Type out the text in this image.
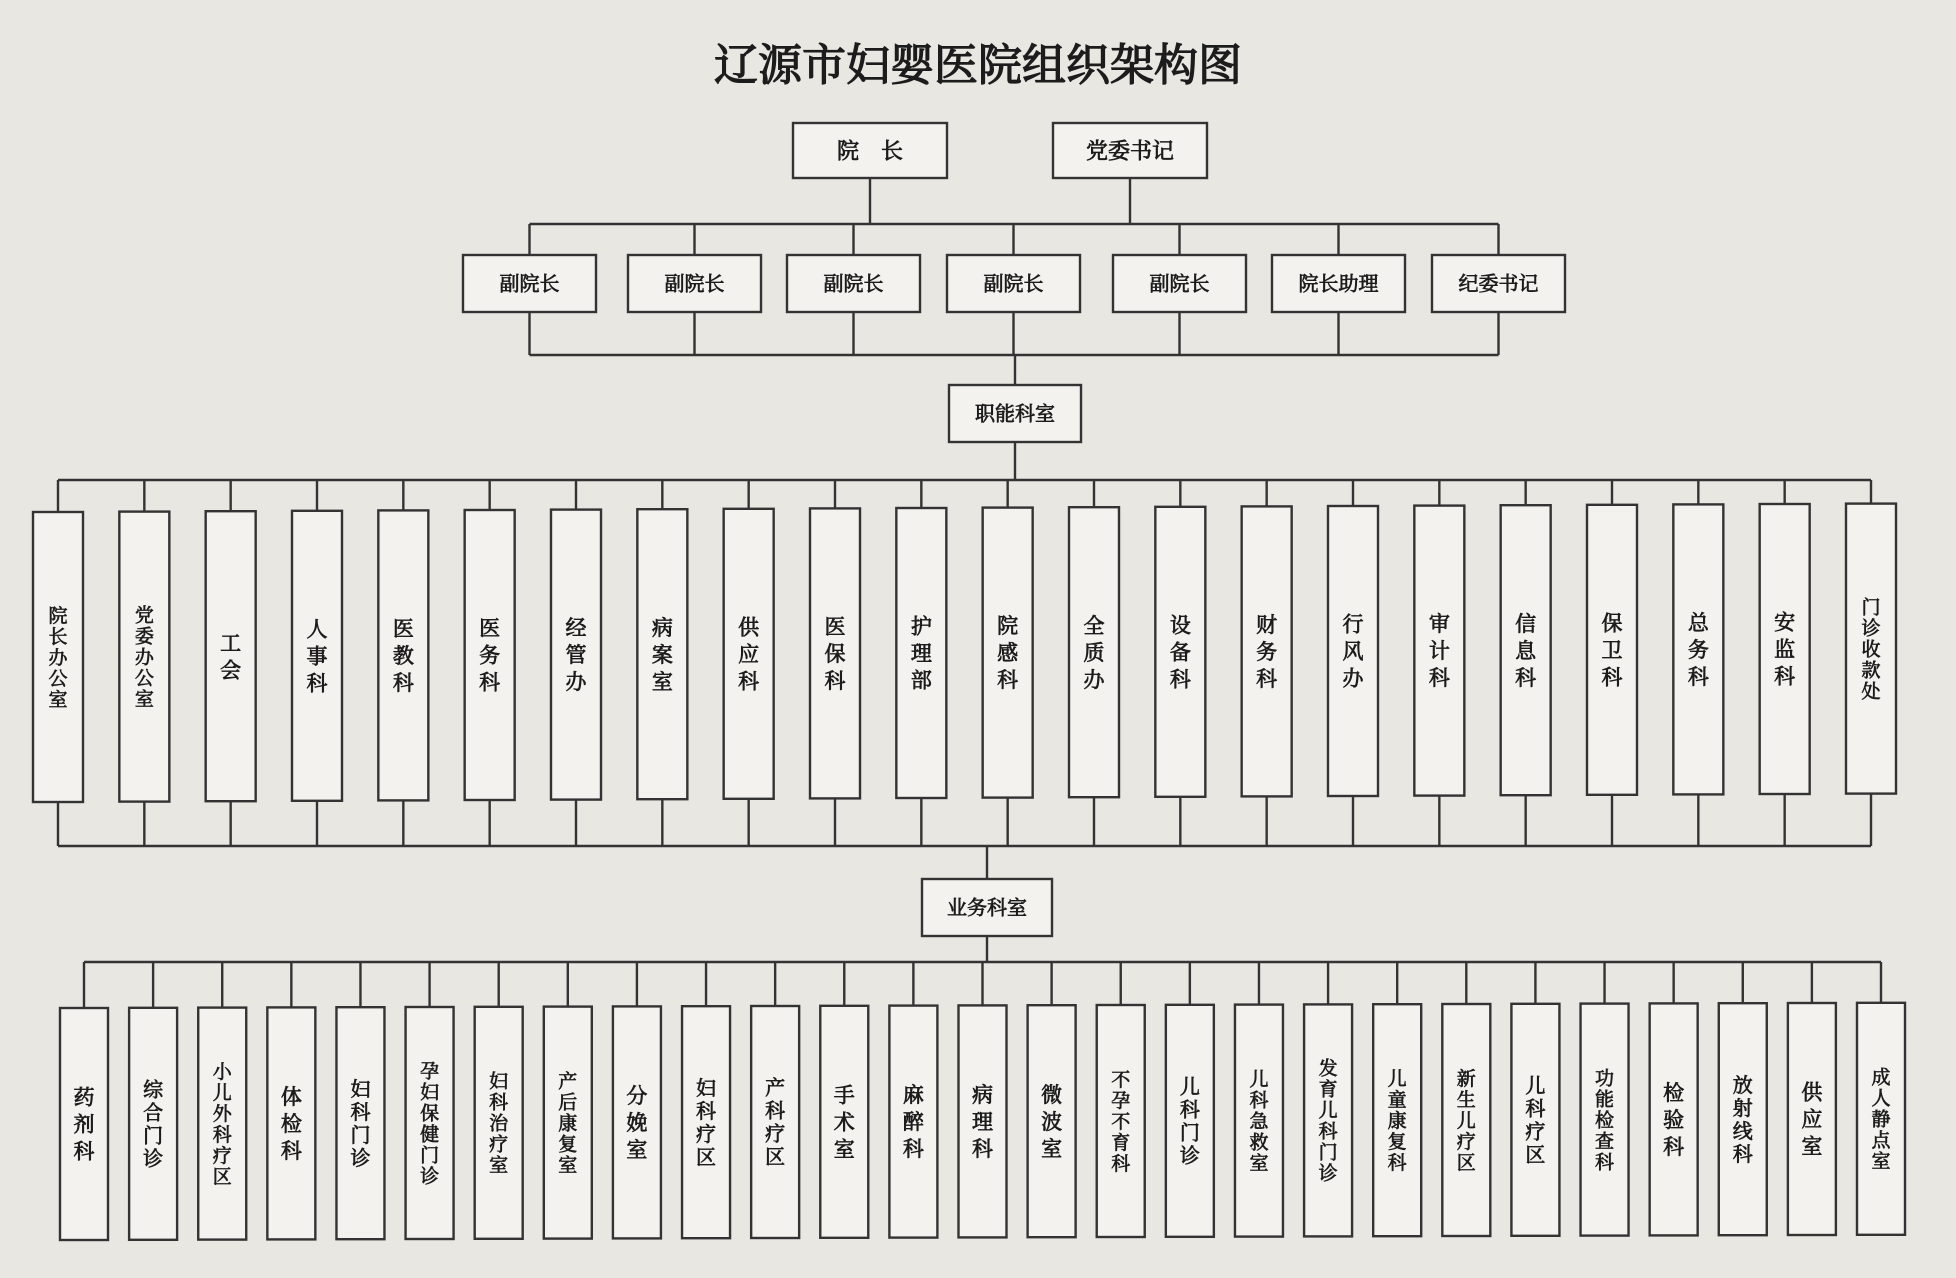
辽源市妇婴医院组织架构图
院　长	党委书记
副院长	副院长	副院长	副院长	副院长	院长助理	纪委书记
职能科室
院长办公室
党委办公室
工会
人事科
医教科
医务科
经管办
病案室
供应科
医保科
护理部
院感科
全质办
设备科
财务科
行风办
审计科
信息科
保卫科
总务科
安监科
门诊收款处
业务科室
药剂科
综合门诊
小儿外科疗区
体检科
妇科门诊
孕妇保健门诊
妇科治疗室
产后康复室
分娩室
妇科疗区
产科疗区
手术室
麻醉科
病理科
微波室
不孕不育科
儿科门诊
儿科急救室
发育儿科门诊
儿童康复科
新生儿疗区
儿科疗区
功能检查科
检验科
放射线科
供应室
成人静点室
